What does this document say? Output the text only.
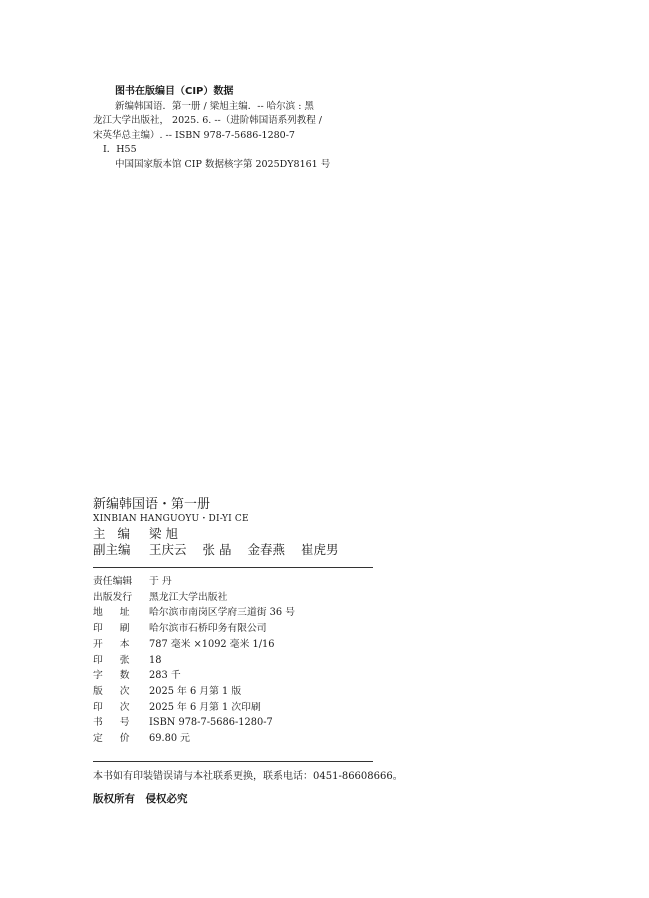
图书在版编目（CIP）数据

新编韩国语．第一册 / 梁旭主编．-- 哈尔滨 : 黑

龙江大学出版社， 2025. 6. --（进阶韩国语系列教程 /

宋英华总主编）. -- ISBN 978-7-5686-1280-7

Ⅰ．H55

中国国家版本馆 CIP 数据核字第 2025DY8161 号

新编韩国语・第一册
XINBIAN HANGUOYU・DI-YI CE
主 编	梁 旭
副主编	王庆云 张 晶 金春燕 崔虎男
责任编辑	于 丹
出版发行	黑龙江大学出版社
地址 哈尔滨市南岗区学府三道街 36 号
印刷 哈尔滨市石桥印务有限公司
开本 787 毫米 ×1092 毫米 1/16
印张 18
字数 283 千
版次 2025 年 6 月第 1 版
印次 2025 年 6 月第 1 次印刷
书号 ISBN 978-7-5686-1280-7
定价 69.80 元
本书如有印装错误请与本社联系更换，联系电话：0451-86608666。
版权所有　侵权必究
